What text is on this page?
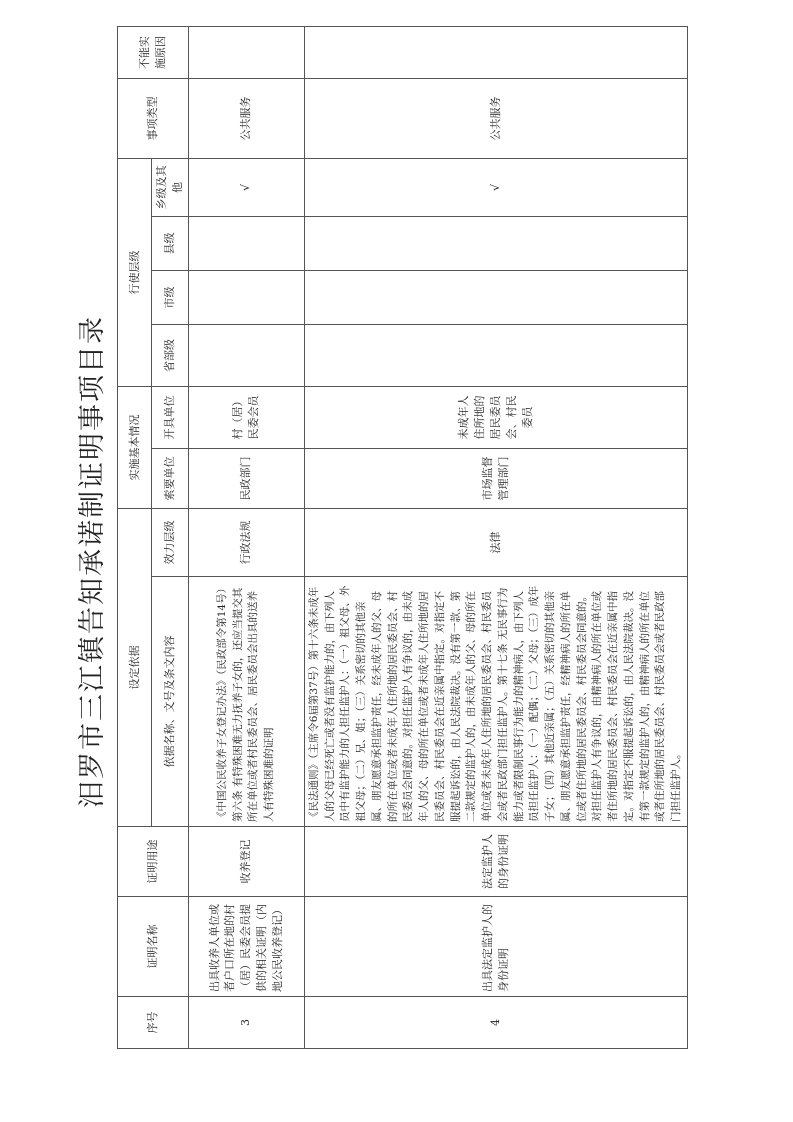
汨罗市三江镇告知承诺制证明事项目录
序号	证明名称	证明用途	设定依据		实施基本情况		行使层级				事项类型	不能实施原因
			依据名称、文号及条文内容	效力层级	索要单位	开具单位	省部级	市级	县级	乡级及其他		
3	出具收养人单位或者户口所在地的村（居）民委会员提供的相关证明（内地公民收养登记）	收养登记	《中国公民收养子女登记办法》（民政部令第14号）第六条 有特殊困难无力抚养子女的，还应当提交其所在单位或者村民委员会、居民委员会出具的送养人有特殊困难的证明	行政法规	民政部门	村（居）民委会员				√	公共服务	
4	出具法定监护人的身份证明	法定监护人的身份证明	《民法通则》（主席令6届第37号）第十六条未成年人的父母已经死亡或者没有监护能力的，由下列人员中有监护能力的人担任监护人：（一）祖父母、外祖父母；（二）兄、姐；（三）关系密切的其他亲属、朋友愿意承担监护责任，经未成年人的父、母的所在单位或者未成年人住所地的居民委员会、村民委员会同意的。对担任监护人有争议的，由未成年人的父、母的所在单位或者未成年人住所地的居民委员会、村民委员会在近亲属中指定。对指定不服提起诉讼的，由人民法院裁决。没有第一款、第二款规定的监护人的，由未成年人的父、母的所在单位或者未成年人住所地的居民委员会、村民委员会或者民政部门担任监护人。第十七条 无民事行为能力或者限制民事行为能力的精神病人，由下列人员担任监护人：（一）配偶；（二）父母；（三）成年子女；（四）其他近亲属；（五）关系密切的其他亲属、朋友愿意承担监护责任，经精神病人的所在单位或者住所地的居民委员会、村民委员会同意的。对担任监护人有争议的，由精神病人的所在单位或者住所地的居民委员会、村民委员会在近亲属中指定。对指定不服提起诉讼的，由人民法院裁决。没有第一款规定的监护人的，由精神病人的所在单位或者住所地的居民委员会、村民委员会或者民政部门担任监护人。	法律	市场监督管理部门	未成年人住所地的居民委员会、村民委员				√	公共服务	
